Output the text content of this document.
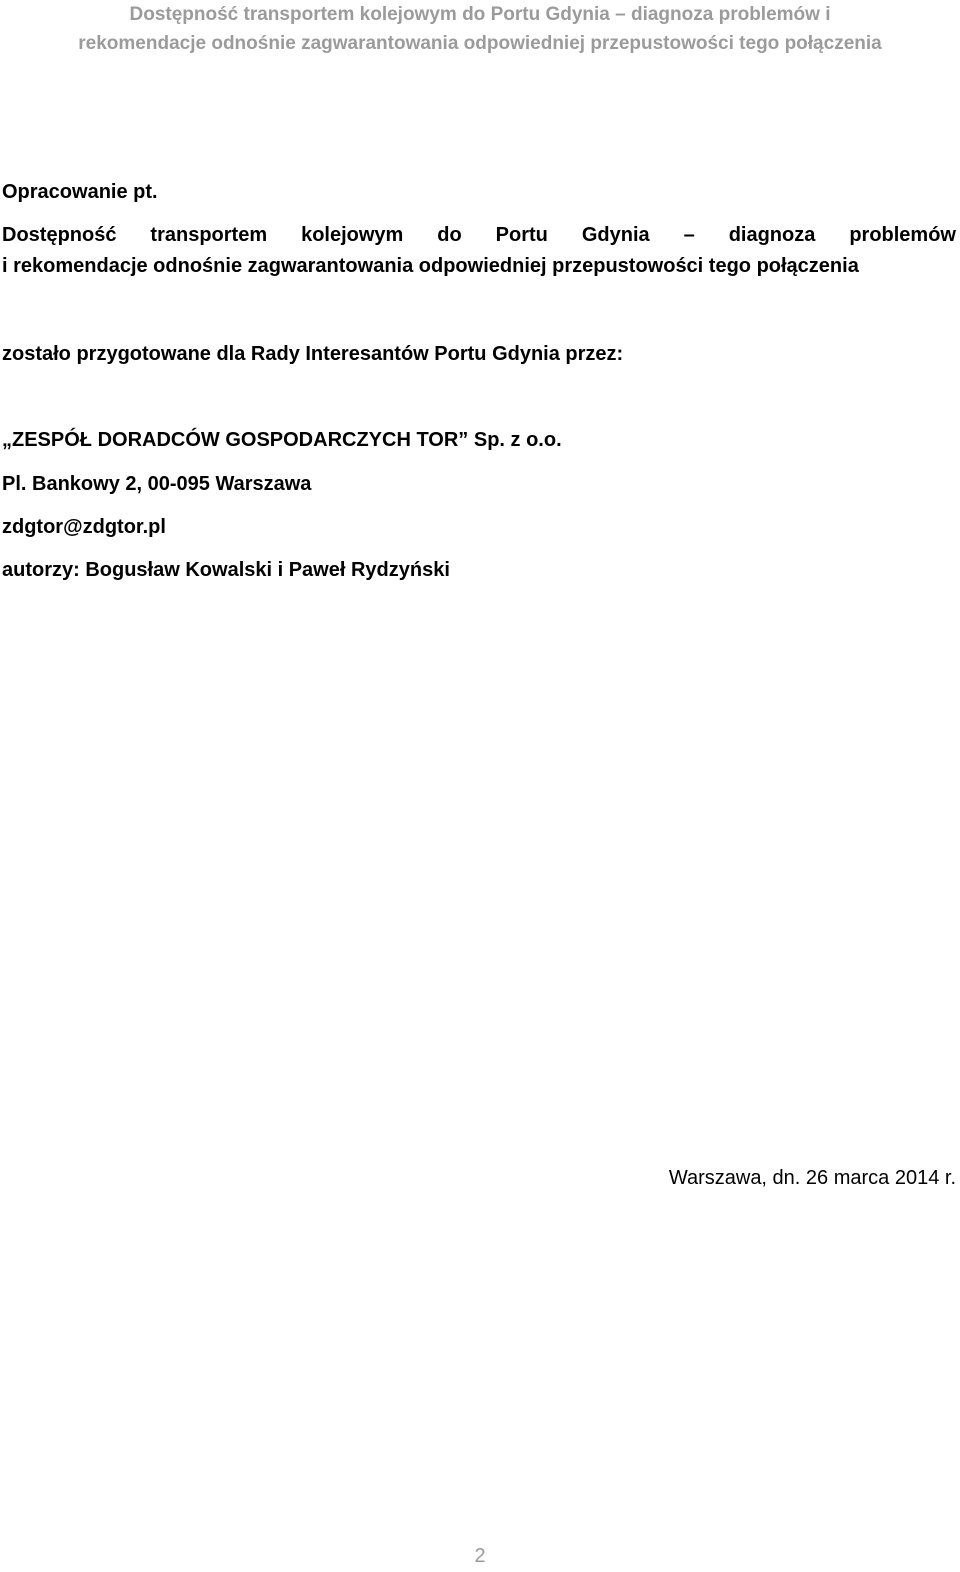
Dostępność transportem kolejowym do Portu Gdynia – diagnoza problemów i
rekomendacje odnośnie zagwarantowania odpowiedniej przepustowości tego połączenia
Opracowanie pt.
Dostępność transportem kolejowym do Portu Gdynia – diagnoza problemów
i rekomendacje odnośnie zagwarantowania odpowiedniej przepustowości tego połączenia
zostało przygotowane dla Rady Interesantów Portu Gdynia przez:
„ZESPÓŁ DORADCÓW GOSPODARCZYCH TOR” Sp. z o.o.
Pl. Bankowy 2, 00-095 Warszawa
zdgtor@zdgtor.pl
autorzy: Bogusław Kowalski i Paweł Rydzyński
Warszawa, dn. 26 marca 2014 r.
2
